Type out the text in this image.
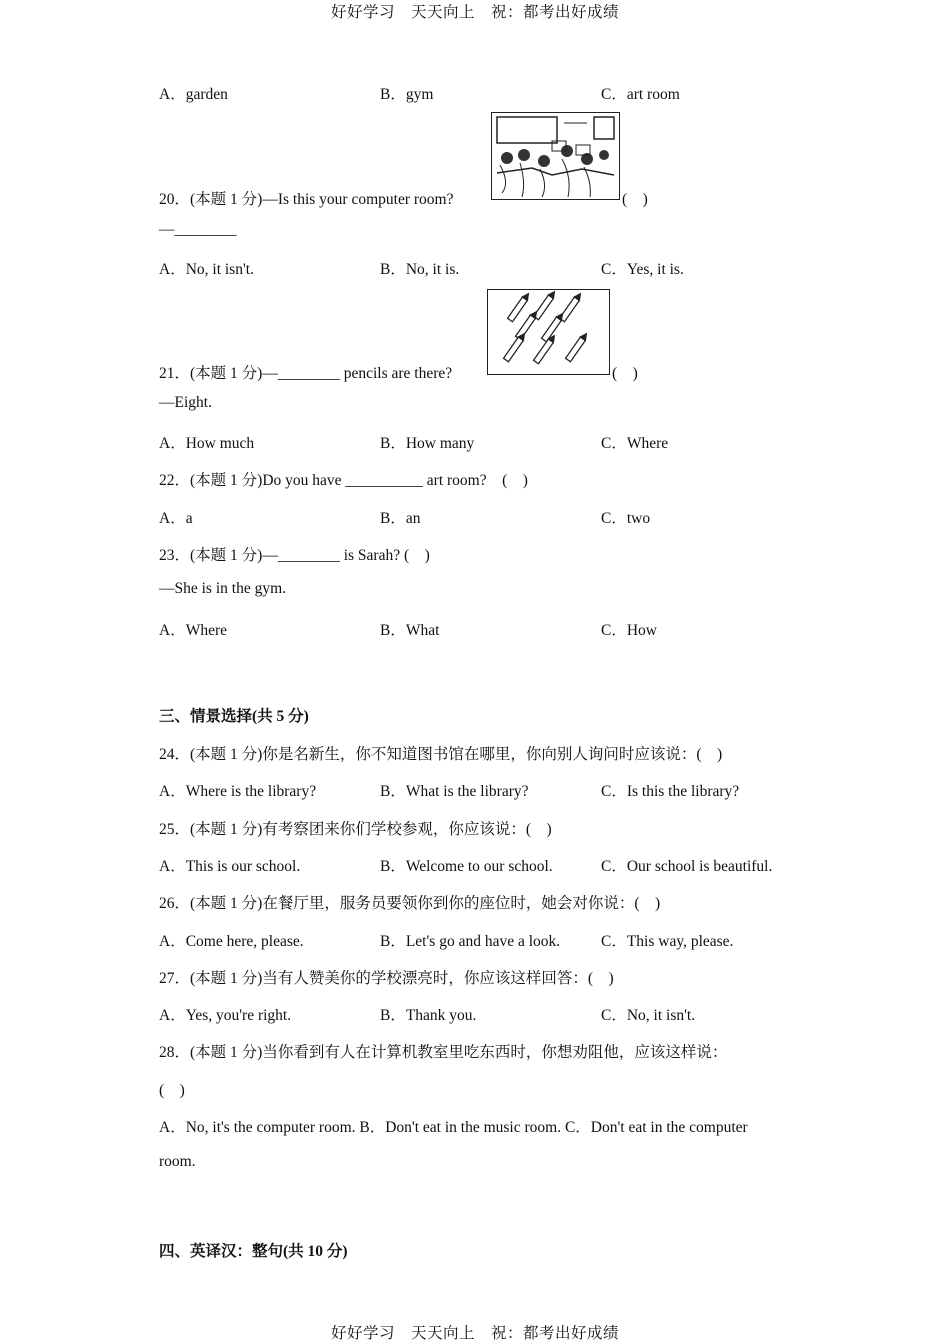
好好学习　天天向上　祝：都考出好成绩
A．garden	B．gym	C．art room
20．(本题 1 分)—Is this your computer room?	(　)
—________
A．No, it isn't.	B．No, it is.	C．Yes, it is.
21．(本题 1 分)—________ pencils are there?	(　)
—Eight.
A．How much	B．How many	C．Where
22．(本题 1 分)Do you have __________ art room?　(　)
A．a	B．an	C．two
23．(本题 1 分)—________ is Sarah? (　)
—She is in the gym.
A．Where	B．What	C．How
三、情景选择(共 5 分)
24．(本题 1 分)你是名新生，你不知道图书馆在哪里，你向别人询问时应该说：(　)
A．Where is the library?	B．What is the library?	C．Is this the library?
25．(本题 1 分)有考察团来你们学校参观，你应该说：(　)
A．This is our school.	B．Welcome to our school.	C．Our school is beautiful.
26．(本题 1 分)在餐厅里，服务员要领你到你的座位时，她会对你说：(　)
A．Come here, please.	B．Let's go and have a look.	C．This way, please.
27．(本题 1 分)当有人赞美你的学校漂亮时，你应该这样回答：(　)
A．Yes, you're right.	B．Thank you.	C．No, it isn't.
28．(本题 1 分)当你看到有人在计算机教室里吃东西时，你想劝阻他，应该这样说：
(　)
A．No, it's the computer room. B．Don't eat in the music room. C．Don't eat in the computer
room.
四、英译汉：整句(共 10 分)
好好学习　天天向上　祝：都考出好成绩
